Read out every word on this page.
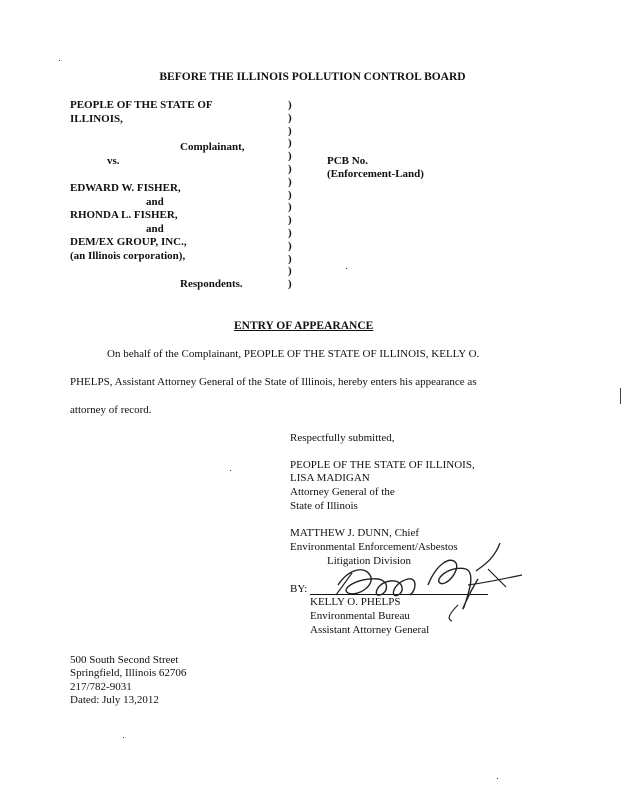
BEFORE THE ILLINOIS POLLUTION CONTROL BOARD
PEOPLE OF THE STATE OF
ILLINOIS,
Complainant,
vs.
EDWARD W. FISHER,
and
RHONDA L. FISHER,
and
DEM/EX GROUP, INC.,
(an Illinois corporation),
Respondents.
)
)
)
)
)
)
)
)
)
)
)
)
)
)
)
PCB No.
(Enforcement-Land)
ENTRY OF APPEARANCE
On behalf of the Complainant, PEOPLE OF THE STATE OF ILLINOIS, KELLY O.
PHELPS, Assistant Attorney General of the State of Illinois, hereby enters his appearance as
attorney of record.
Respectfully submitted,
PEOPLE OF THE STATE OF ILLINOIS,
LISA MADIGAN
Attorney General of the
State of Illinois
MATTHEW J. DUNN, Chief
Environmental Enforcement/Asbestos
Litigation Division
BY:
KELLY O. PHELPS
Environmental Bureau
Assistant Attorney General
500 South Second Street
Springfield, Illinois 62706
217/782-9031
Dated: July 13,2012
